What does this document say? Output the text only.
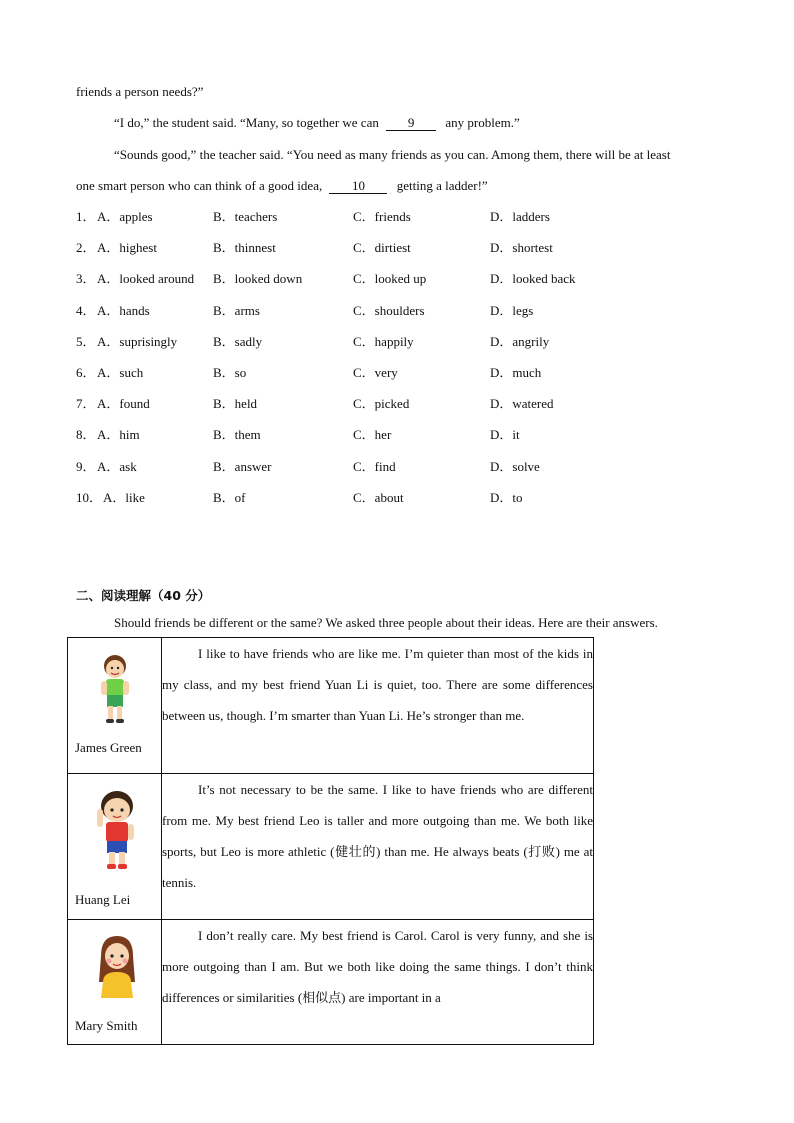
friends a person needs?”
“I do,” the student said. “Many, so together we can 9 any problem.”
“Sounds good,” the teacher said. “You need as many friends as you can. Among them, there will be at least
one smart person who can think of a good idea, 10 getting a ladder!”
1． A．apples	B．teachers	C．friends	D．ladders
2． A．highest	B．thinnest	C．dirtiest	D．shortest
3． A．looked around B．looked down	C．looked up	D．looked back
4． A．hands	B．arms	C．shoulders	D．legs
5． A．suprisingly	B．sadly	C．happily	D．angrily
6． A．such	B．so	C．very	D．much
7． A．found	B．held	C．picked	D．watered
8． A．him	B．them	C．her	D．it
9． A．ask	B．answer	C．find	D．solve
10． A．like	B．of	C．about	D．to
二、阅读理解（40 分）
Should friends be different or the same? We asked three people about their ideas. Here are their answers.
James Green	I like to have friends who are like me. I’m quieter than most of the kids in my class, and my best friend Yuan Li is quiet, too. There are some differences between us, though. I’m smarter than Yuan Li. He’s stronger than me.

Huang Lei	It’s not necessary to be the same. I like to have friends who are different from me. My best friend Leo is taller and more outgoing than me. We both like sports, but Leo is more athletic (健壮的) than me. He always beats (打败) me at tennis.

Mary Smith	I don’t really care. My best friend is Carol. Carol is very funny, and she is more outgoing than I am. But we both like doing the same things. I don’t think differences or similarities (相似点) are important in a
